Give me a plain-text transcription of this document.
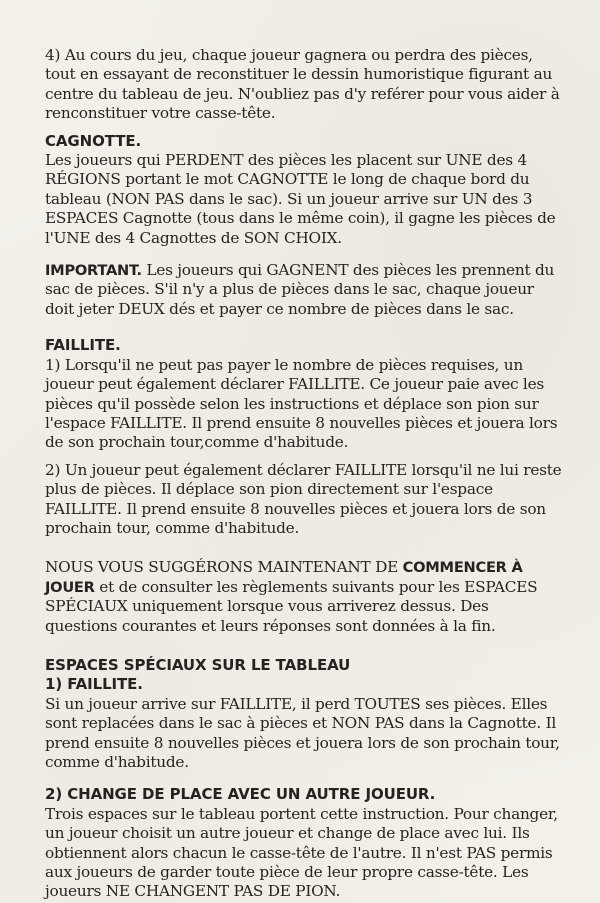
4) Au cours du jeu, chaque joueur gagnera ou perdra des pièces, tout en essayant de reconstituer le dessin humoristique figurant au centre du tableau de jeu. N'oubliez pas d'y reférer pour vous aider à renconstituer votre casse-tête.

CAGNOTTE.

Les joueurs qui PERDENT des pièces les placent sur UNE des 4 RÉGIONS portant le mot CAGNOTTE le long de chaque bord du tableau (NON PAS dans le sac). Si un joueur arrive sur UN des 3 ESPACES Cagnotte (tous dans le même coin), il gagne les pièces de l'UNE des 4 Cagnottes de SON CHOIX.

IMPORTANT. Les joueurs qui GAGNENT des pièces les prennent du sac de pièces. S'il n'y a plus de pièces dans le sac, chaque joueur doit jeter DEUX dés et payer ce nombre de pièces dans le sac.

FAILLITE.

1) Lorsqu'il ne peut pas payer le nombre de pièces requises, un joueur peut également déclarer FAILLITE. Ce joueur paie avec les pièces qu'il possède selon les instructions et déplace son pion sur l'espace FAILLITE. Il prend ensuite 8 nouvelles pièces et jouera lors de son prochain tour,comme d'habitude.

2) Un joueur peut également déclarer FAILLITE lorsqu'il ne lui reste plus de pièces. Il déplace son pion directement sur l'espace FAILLITE. Il prend ensuite 8 nouvelles pièces et jouera lors de son prochain tour, comme d'habitude.

NOUS VOUS SUGGÉRONS MAINTENANT DE COMMENCER À JOUER et de consulter les règlements suivants pour les ESPACES SPÉCIAUX uniquement lorsque vous arriverez dessus. Des questions courantes et leurs réponses sont données à la fin.

ESPACES SPÉCIAUX SUR LE TABLEAU

1) FAILLITE.

Si un joueur arrive sur FAILLITE, il perd TOUTES ses pièces. Elles sont replacées dans le sac à pièces et NON PAS dans la Cagnotte. Il prend ensuite 8 nouvelles pièces et jouera lors de son prochain tour, comme d'habitude.

2) CHANGE DE PLACE AVEC UN AUTRE JOUEUR.

Trois espaces sur le tableau portent cette instruction. Pour changer, un joueur choisit un autre joueur et change de place avec lui. Ils obtiennent alors chacun le casse-tête de l'autre. Il n'est PAS permis aux joueurs de garder toute pièce de leur propre casse-tête. Les joueurs NE CHANGENT PAS DE PION.
